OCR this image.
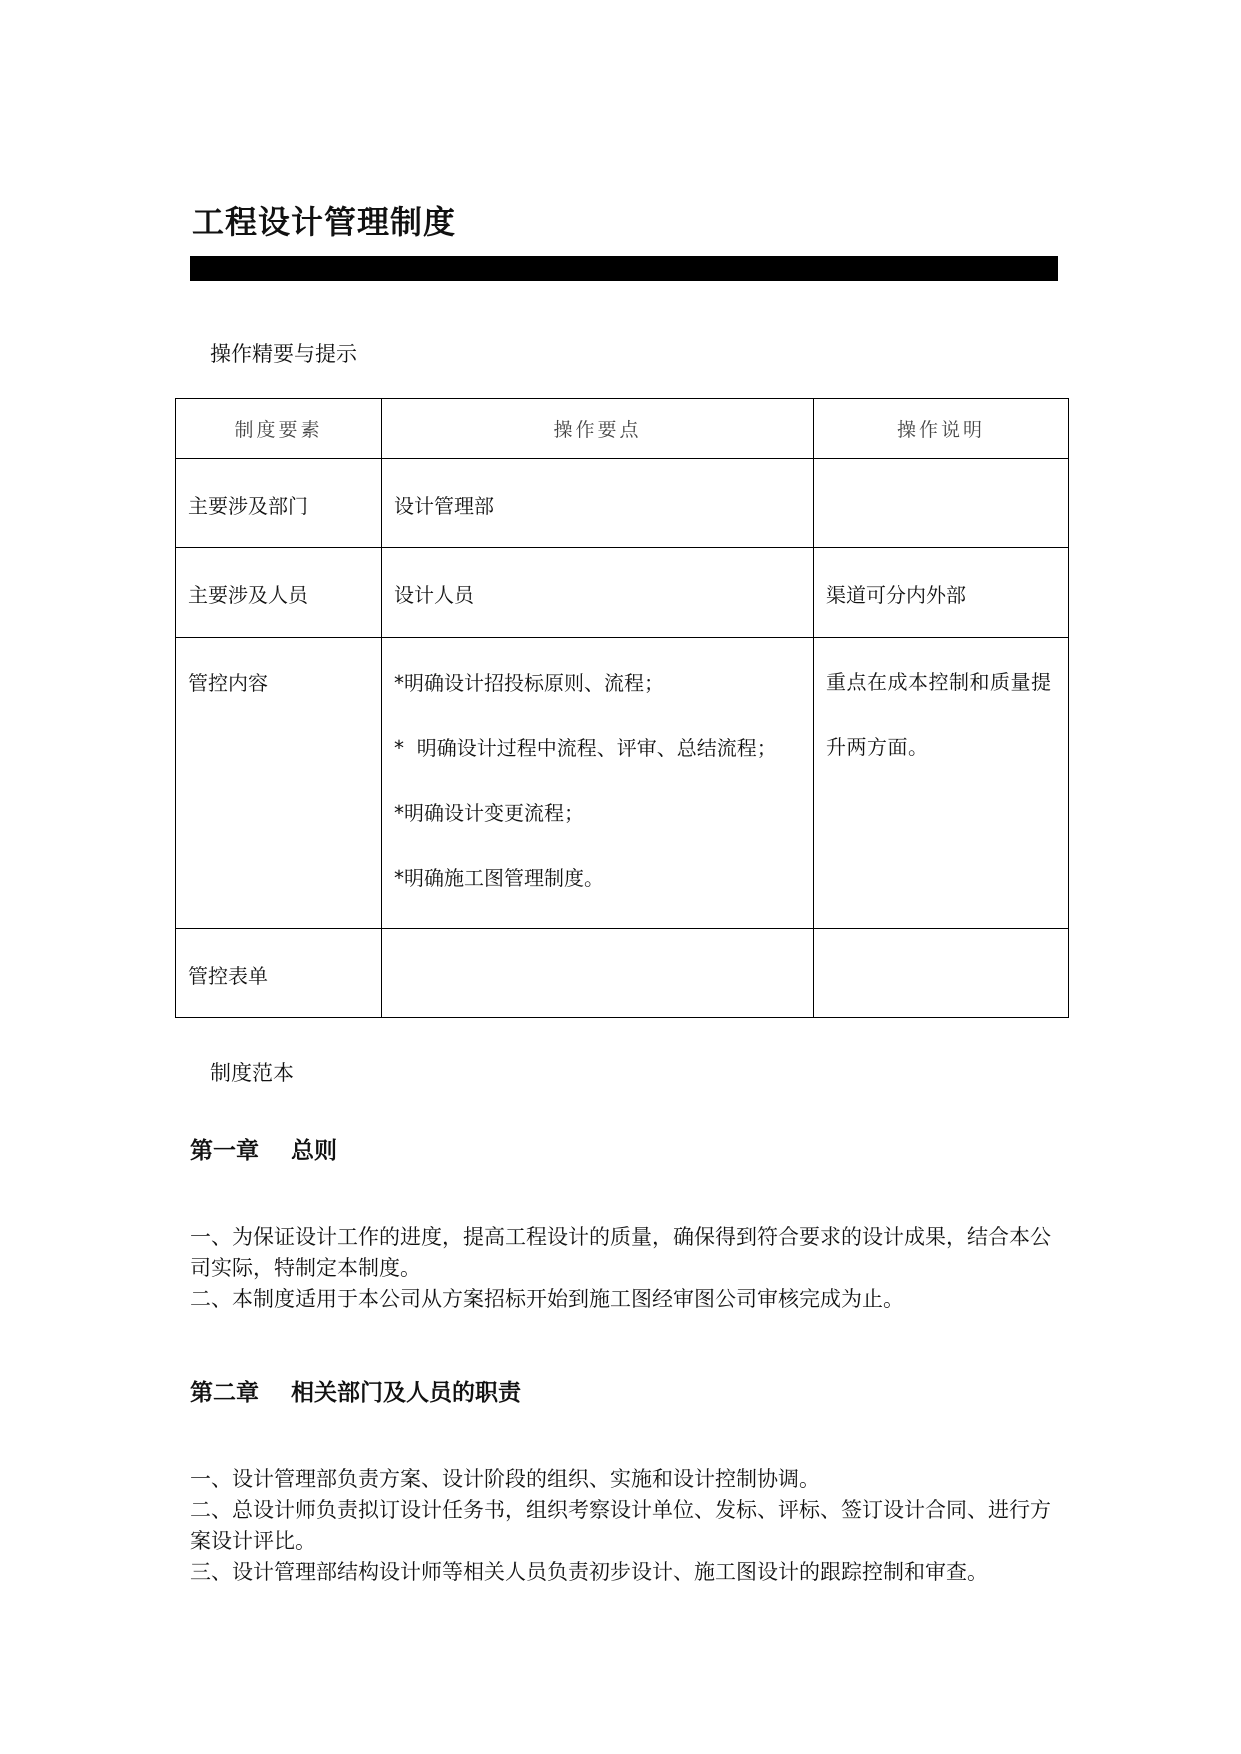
工程设计管理制度
操作精要与提示
制度要素	操作要点	操作说明
主要涉及部门	设计管理部	
主要涉及人员	设计人员	渠道可分内外部
管控内容	*明确设计招投标原则、流程；
*  明确设计过程中流程、评审、总结流程；
*明确设计变更流程；
*明确施工图管理制度。	重点在成本控制和质量提升两方面。

管控表单		
制度范本
第一章    总则

一、为保证设计工作的进度，提高工程设计的质量，确保得到符合要求的设计成果，结合本公司实际，特制定本制度。

二、本制度适用于本公司从方案招标开始到施工图经审图公司审核完成为止。

第二章    相关部门及人员的职责

一、设计管理部负责方案、设计阶段的组织、实施和设计控制协调。

二、总设计师负责拟订设计任务书，组织考察设计单位、发标、评标、签订设计合同、进行方案设计评比。

三、设计管理部结构设计师等相关人员负责初步设计、施工图设计的跟踪控制和审查。
